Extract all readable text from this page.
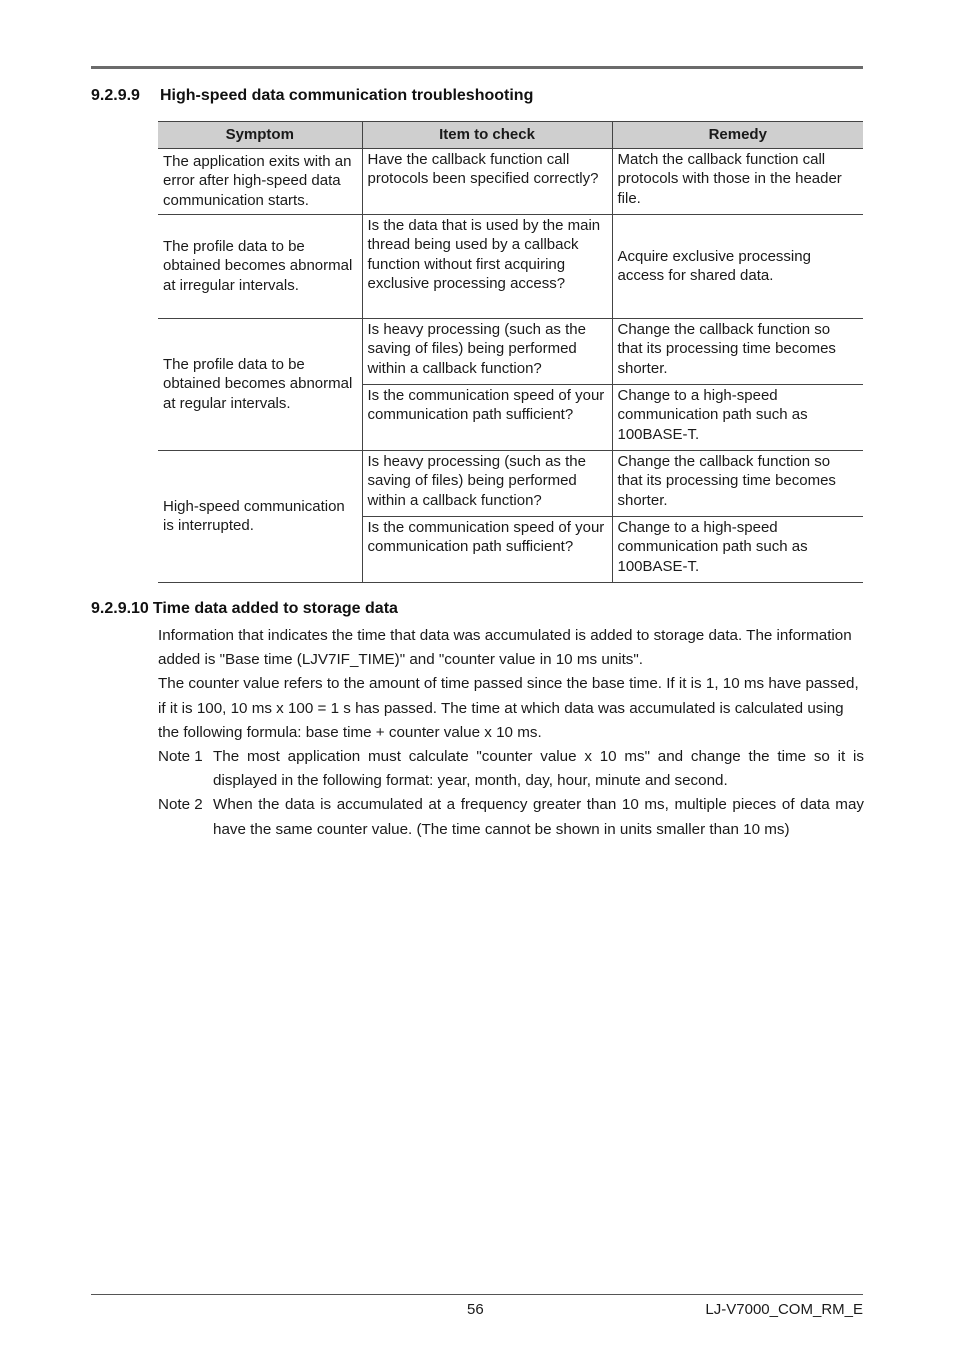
9.2.9.9 High-speed data communication troubleshooting
Symptom	Item to check	Remedy
The application exits with an error after high-speed data communication starts.	Have the callback function call protocols been specified correctly?	Match the callback function call protocols with those in the header file.
The profile data to be obtained becomes abnormal at irregular intervals.	Is the data that is used by the main thread being used by a callback function without first acquiring exclusive processing access?	Acquire exclusive processing access for shared data.
The profile data to be obtained becomes abnormal at regular intervals.	Is heavy processing (such as the saving of files) being performed within a callback function?	Change the callback function so that its processing time becomes shorter.
	Is the communication speed of your communication path sufficient?	Change to a high-speed communication path such as 100BASE-T.
High-speed communication is interrupted.	Is heavy processing (such as the saving of files) being performed within a callback function?	Change the callback function so that its processing time becomes shorter.
	Is the communication speed of your communication path sufficient?	Change to a high-speed communication path such as 100BASE-T.
9.2.9.10 Time data added to storage data

Information that indicates the time that data was accumulated is added to storage data. The information added is "Base time (LJV7IF_TIME)" and "counter value in 10 ms units".

The counter value refers to the amount of time passed since the base time. If it is 1, 10 ms have passed, if it is 100, 10 ms x 100 = 1 s has passed. The time at which data was accumulated is calculated using the following formula: base time + counter value x 10 ms.

Note 1 The most application must calculate "counter value x 10 ms" and change the time so it is displayed in the following format: year, month, day, hour, minute and second.
Note 2 When the data is accumulated at a frequency greater than 10 ms, multiple pieces of data may have the same counter value. (The time cannot be shown in units smaller than 10 ms)
56	LJ-V7000_COM_RM_E
